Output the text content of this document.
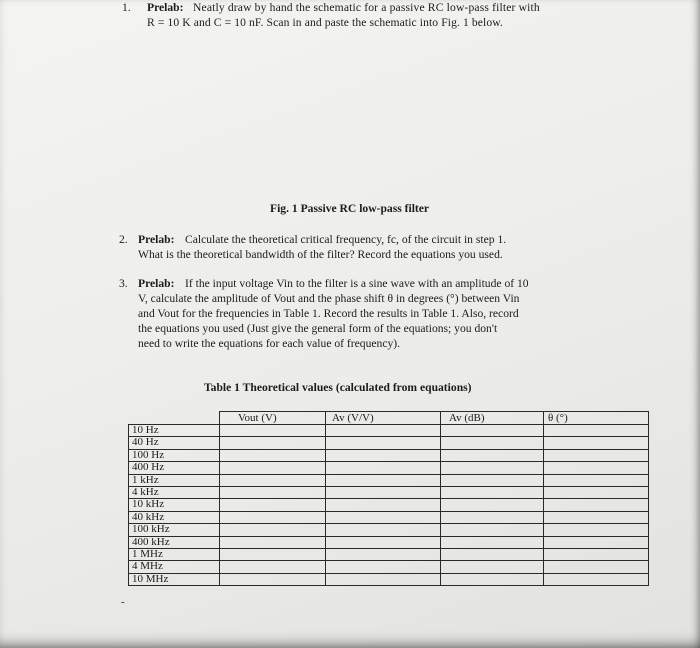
1. Prelab: Neatly draw by hand the schematic for a passive RC low-pass filter with
R = 10 K and C = 10 nF. Scan in and paste the schematic into Fig. 1 below.
Fig. 1 Passive RC low-pass filter
2. Prelab: Calculate the theoretical critical frequency, fc, of the circuit in step 1.
What is the theoretical bandwidth of the filter? Record the equations you used.
3. Prelab: If the input voltage Vin to the filter is a sine wave with an amplitude of 10
V, calculate the amplitude of Vout and the phase shift θ in degrees (°) between Vin
and Vout for the frequencies in Table 1. Record the results in Table 1. Also, record
the equations you used (Just give the general form of the equations; you don't
need to write the equations for each value of frequency).
Table 1 Theoretical values (calculated from equations)
	Vout (V)	Av (V/V)	Av (dB)	θ (°)
10 Hz				
40 Hz				
100 Hz				
400 Hz				
1 kHz				
4 kHz				
10 kHz				
40 kHz				
100 kHz				
400 kHz				
1 MHz				
4 MHz				
10 MHz				
-
